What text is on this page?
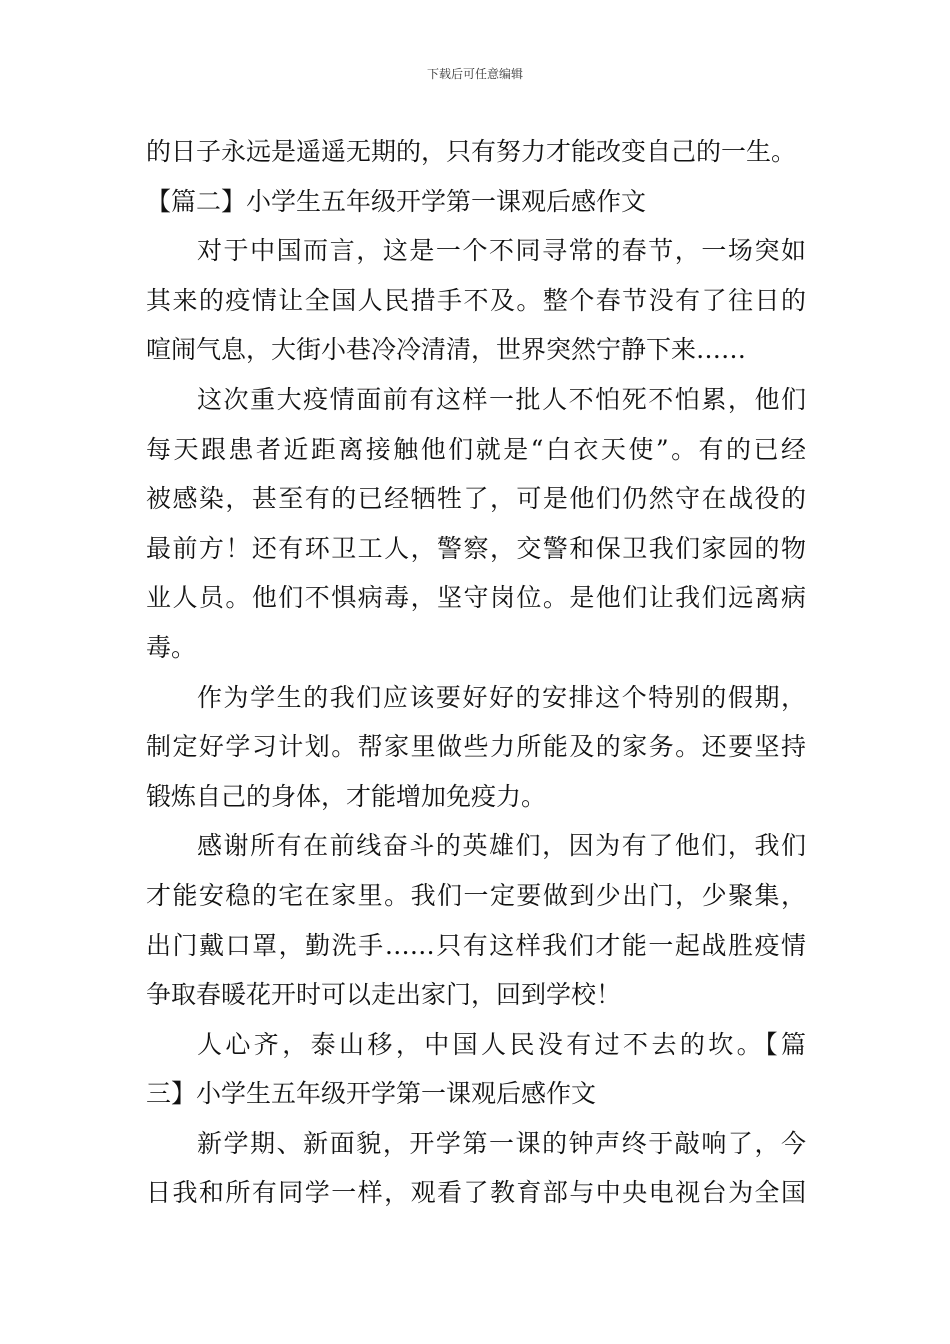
下载后可任意编辑
的日子永远是遥遥无期的，只有努力才能改变自己的一生。
【篇二】小学生五年级开学第一课观后感作文
对于中国而言，这是一个不同寻常的春节，一场突如
其来的疫情让全国人民措手不及。整个春节没有了往日的
喧闹气息，大街小巷冷冷清清，世界突然宁静下来……
这次重大疫情面前有这样一批人不怕死不怕累，他们
每天跟患者近距离接触他们就是“白衣天使”。有的已经
被感染，甚至有的已经牺牲了，可是他们仍然守在战役的
最前方！还有环卫工人，警察，交警和保卫我们家园的物
业人员。他们不惧病毒，坚守岗位。是他们让我们远离病
毒。
作为学生的我们应该要好好的安排这个特别的假期，
制定好学习计划。帮家里做些力所能及的家务。还要坚持
锻炼自己的身体，才能增加免疫力。
感谢所有在前线奋斗的英雄们，因为有了他们，我们
才能安稳的宅在家里。我们一定要做到少出门，少聚集，
出门戴口罩，勤洗手……只有这样我们才能一起战胜疫情
争取春暖花开时可以走出家门，回到学校！
人心齐，泰山移，中国人民没有过不去的坎。【篇
三】小学生五年级开学第一课观后感作文
新学期、新面貌，开学第一课的钟声终于敲响了，今
日我和所有同学一样，观看了教育部与中央电视台为全国
